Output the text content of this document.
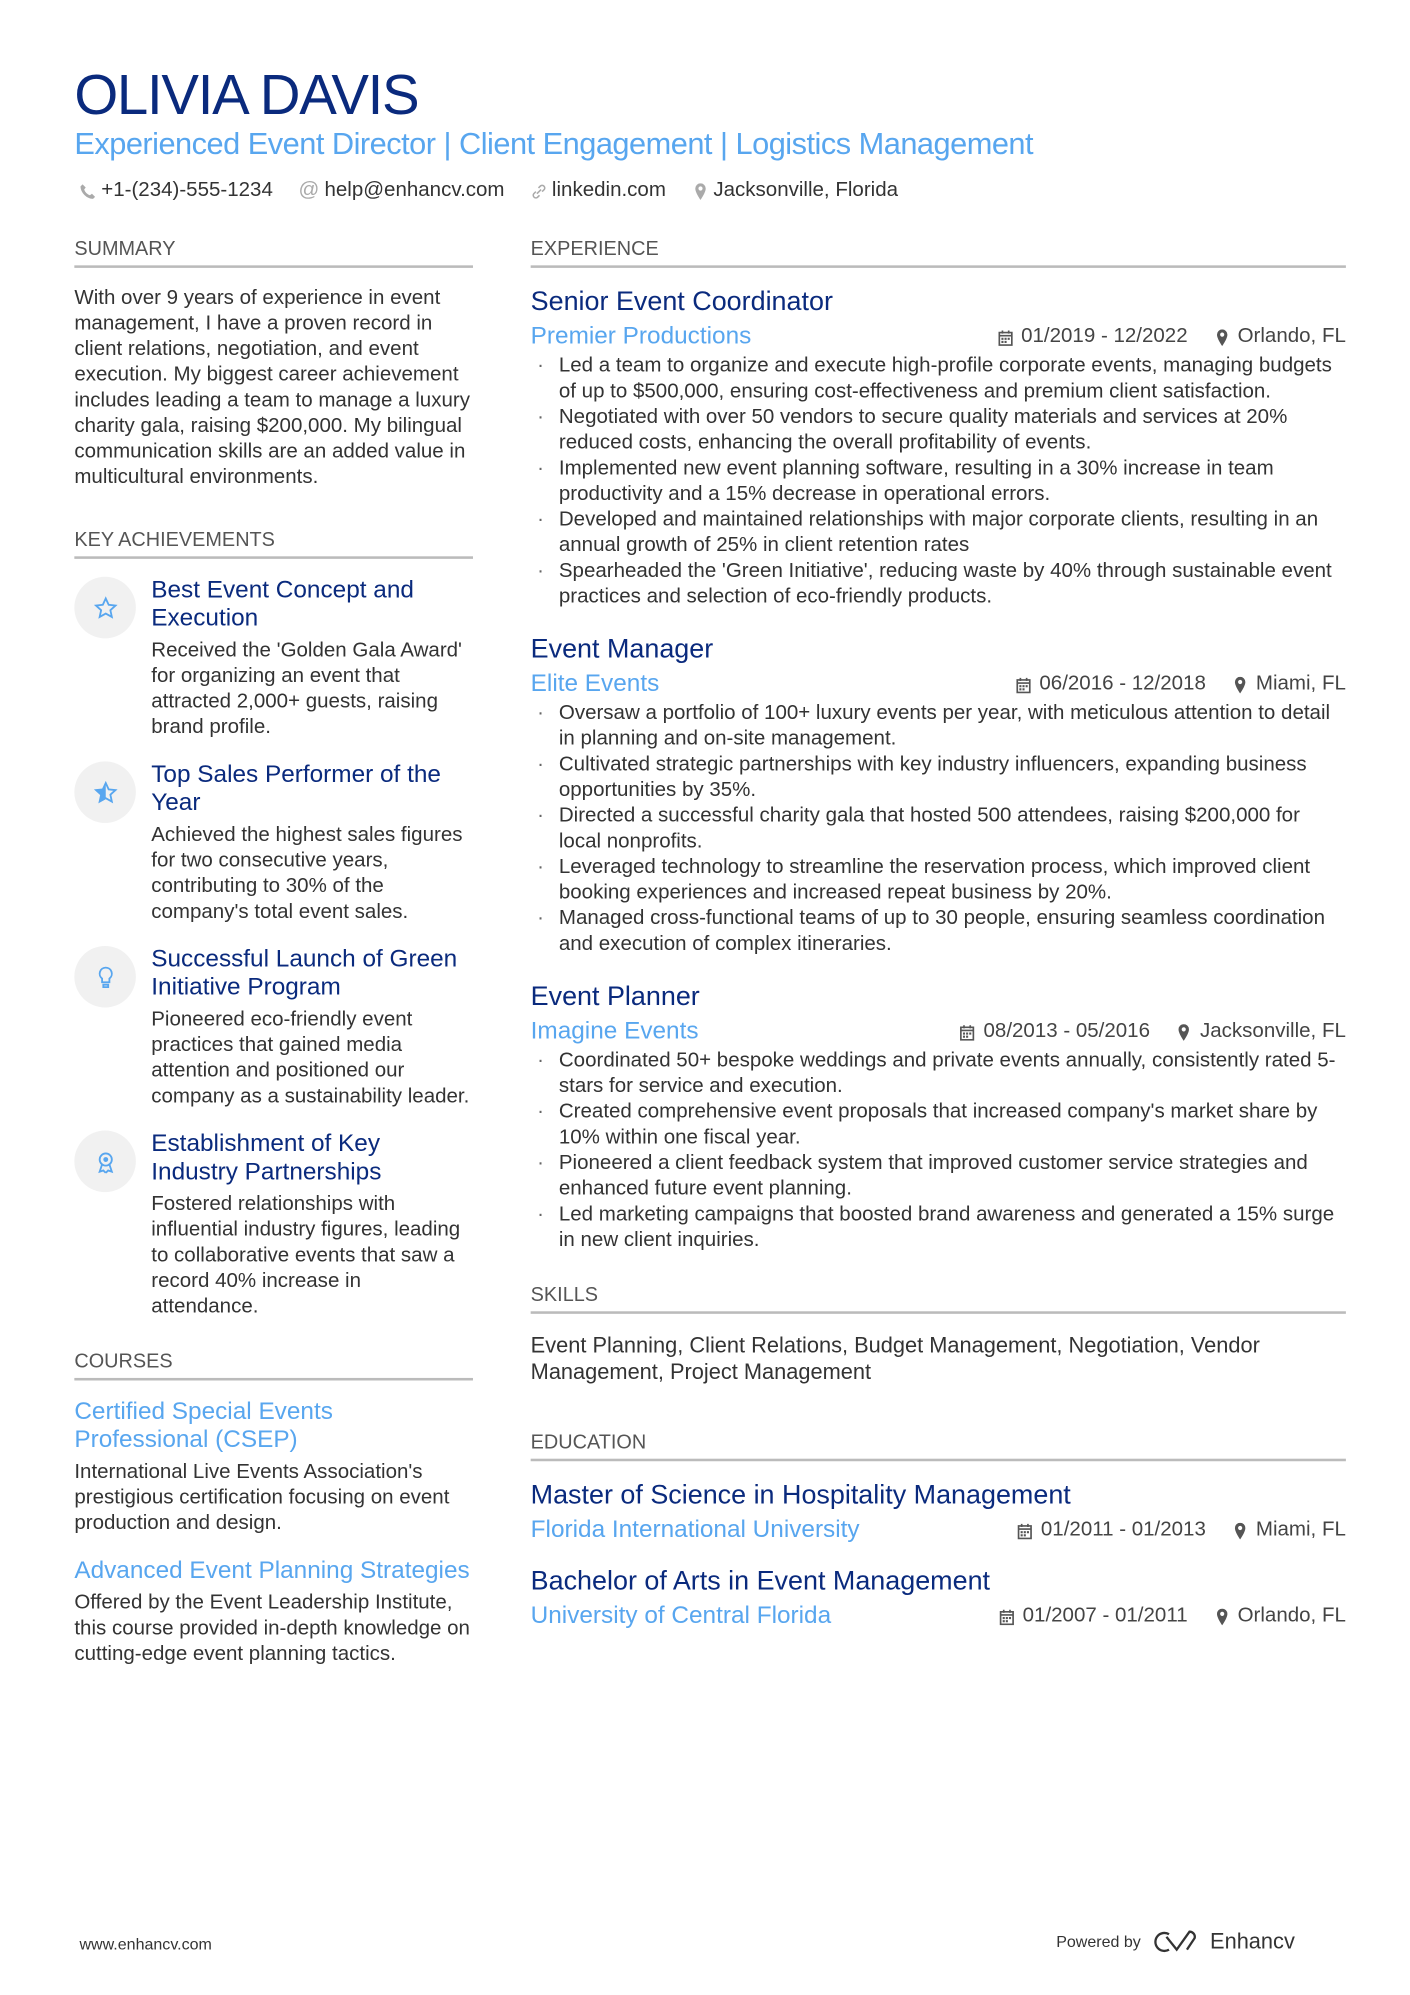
OLIVIA DAVIS
Experienced Event Director | Client Engagement | Logistics Management
+1-(234)-555-1234 @ help@enhancv.com	linkedin.com	Jacksonville, Florida
SUMMARY
With over 9 years of experience in event management, I have a proven record in client relations, negotiation, and event execution. My biggest career achievement includes leading a team to manage a luxury charity gala, raising $200,000. My bilingual communication skills are an added value in multicultural environments.
KEY ACHIEVEMENTS
Best Event Concept and Execution
Received the 'Golden Gala Award' for organizing an event that attracted 2,000+ guests, raising brand profile.
Top Sales Performer of the Year
Achieved the highest sales figures for two consecutive years, contributing to 30% of the company's total event sales.
Successful Launch of Green Initiative Program
Pioneered eco-friendly event practices that gained media attention and positioned our company as a sustainability leader.
Establishment of Key Industry Partnerships
Fostered relationships with influential industry figures, leading to collaborative events that saw a record 40% increase in attendance.
COURSES
Certified Special Events Professional (CSEP)
International Live Events Association's prestigious certification focusing on event production and design.
Advanced Event Planning Strategies
Offered by the Event Leadership Institute, this course provided in-depth knowledge on cutting-edge event planning tactics.
EXPERIENCE
Senior Event Coordinator
Premier Productions	01/2019 - 12/2022	Orlando, FL
· Led a team to organize and execute high-profile corporate events, managing budgets of up to $500,000, ensuring cost-effectiveness and premium client satisfaction.
· Negotiated with over 50 vendors to secure quality materials and services at 20% reduced costs, enhancing the overall profitability of events.
· Implemented new event planning software, resulting in a 30% increase in team productivity and a 15% decrease in operational errors.
· Developed and maintained relationships with major corporate clients, resulting in an annual growth of 25% in client retention rates
· Spearheaded the 'Green Initiative', reducing waste by 40% through sustainable event practices and selection of eco-friendly products.
Event Manager
Elite Events	06/2016 - 12/2018	Miami, FL
· Oversaw a portfolio of 100+ luxury events per year, with meticulous attention to detail in planning and on-site management.
· Cultivated strategic partnerships with key industry influencers, expanding business opportunities by 35%.
· Directed a successful charity gala that hosted 500 attendees, raising $200,000 for local nonprofits.
· Leveraged technology to streamline the reservation process, which improved client booking experiences and increased repeat business by 20%.
· Managed cross-functional teams of up to 30 people, ensuring seamless coordination and execution of complex itineraries.
Event Planner
Imagine Events	08/2013 - 05/2016	Jacksonville, FL
· Coordinated 50+ bespoke weddings and private events annually, consistently rated 5-stars for service and execution.
· Created comprehensive event proposals that increased company's market share by 10% within one fiscal year.
· Pioneered a client feedback system that improved customer service strategies and enhanced future event planning.
· Led marketing campaigns that boosted brand awareness and generated a 15% surge in new client inquiries.
SKILLS
Event Planning, Client Relations, Budget Management, Negotiation, Vendor Management, Project Management
EDUCATION
Master of Science in Hospitality Management
Florida International University	01/2011 - 01/2013	Miami, FL
Bachelor of Arts in Event Management
University of Central Florida	01/2007 - 01/2011	Orlando, FL
www.enhancv.com	Powered by	Enhancv
